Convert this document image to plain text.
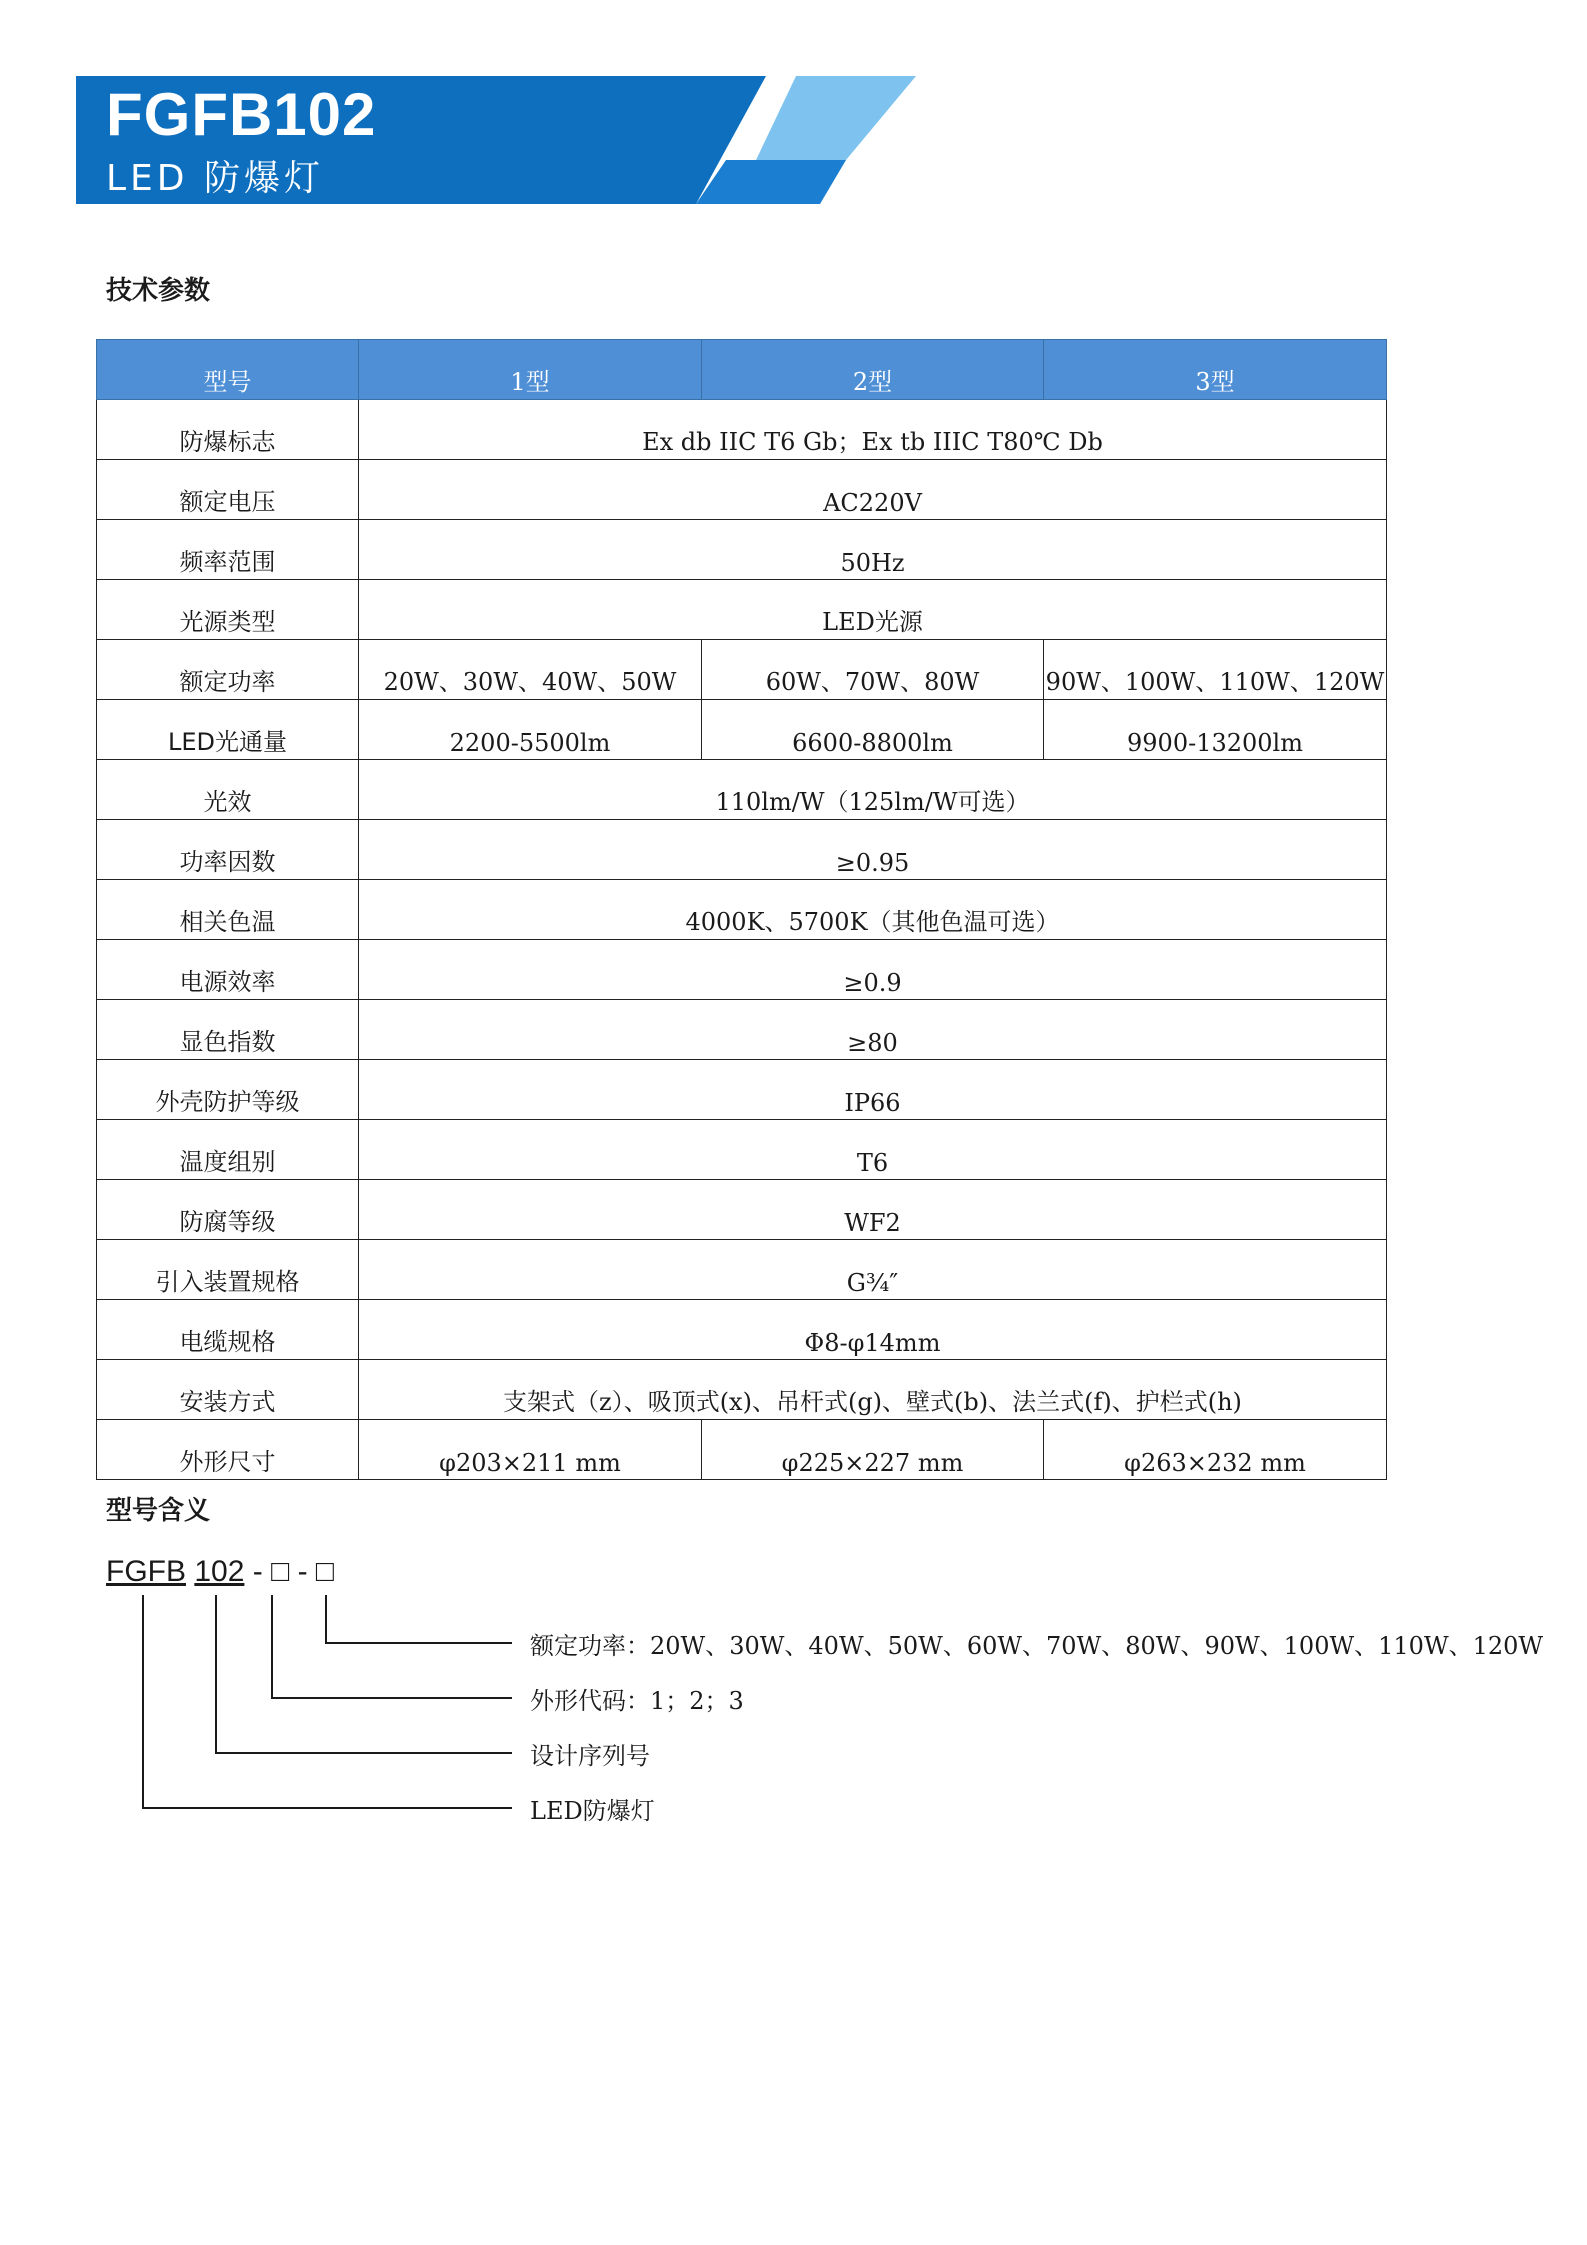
FGFB102
LED 防爆灯
技术参数
型号	1型	2型	3型
防爆标志	Ex db IIC T6 Gb；Ex tb IIIC T80℃ Db		
额定电压	AC220V		
频率范围	50Hz		
光源类型	LED光源		
额定功率	20W、30W、40W、50W	60W、70W、80W	90W、100W、110W、120W
LED光通量	2200-5500lm	6600-8800lm	9900-13200lm
光效	110lm/W（125lm/W可选）		
功率因数	≥0.95		
相关色温	4000K、5700K（其他色温可选）		
电源效率	≥0.9		
显色指数	≥80		
外壳防护等级	IP66		
温度组别	T6		
防腐等级	WF2		
引入装置规格	G¾″		
电缆规格	Φ8-φ14mm		
安装方式	支架式（z）、吸顶式(x)、吊杆式(g)、壁式(b)、法兰式(f)、护栏式(h)		
外形尺寸	φ203×211 mm	φ225×227 mm	φ263×232 mm
型号含义
FGFB 102 - □ - □
额定功率：20W、30W、40W、50W、60W、70W、80W、90W、100W、110W、120W
外形代码：1；2；3
设计序列号
LED防爆灯
